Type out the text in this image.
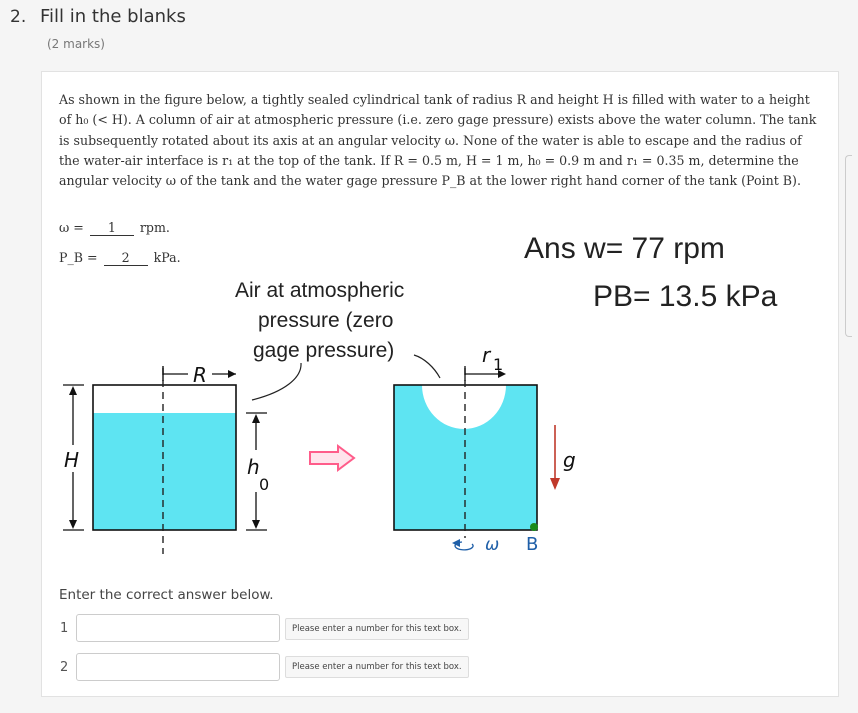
2. Fill in the blanks
(2 marks)
As shown in the figure below, a tightly sealed cylindrical tank of radius R and height H is filled with water to a height of h₀ (< H). A column of air at atmospheric pressure (i.e. zero gage pressure) exists above the water column. The tank is subsequently rotated about its axis at an angular velocity ω. None of the water is able to escape and the radius of the water-air interface is r₁ at the top of the tank. If R = 0.5 m, H = 1 m, h₀ = 0.9 m and r₁ = 0.35 m, determine the angular velocity ω of the tank and the water gage pressure P_B at the lower right hand corner of the tank (Point B).
ω = 1 rpm.
P_B = 2 kPa.	Ans w= 77 rpm
PB= 13.5 kPa
Air at atmospheric
pressure (zero
gage pressure)
R
H	h
0
r 1
B
ω
g
Enter the correct answer below.
1	Please enter a number for this text box.
2	Please enter a number for this text box.
